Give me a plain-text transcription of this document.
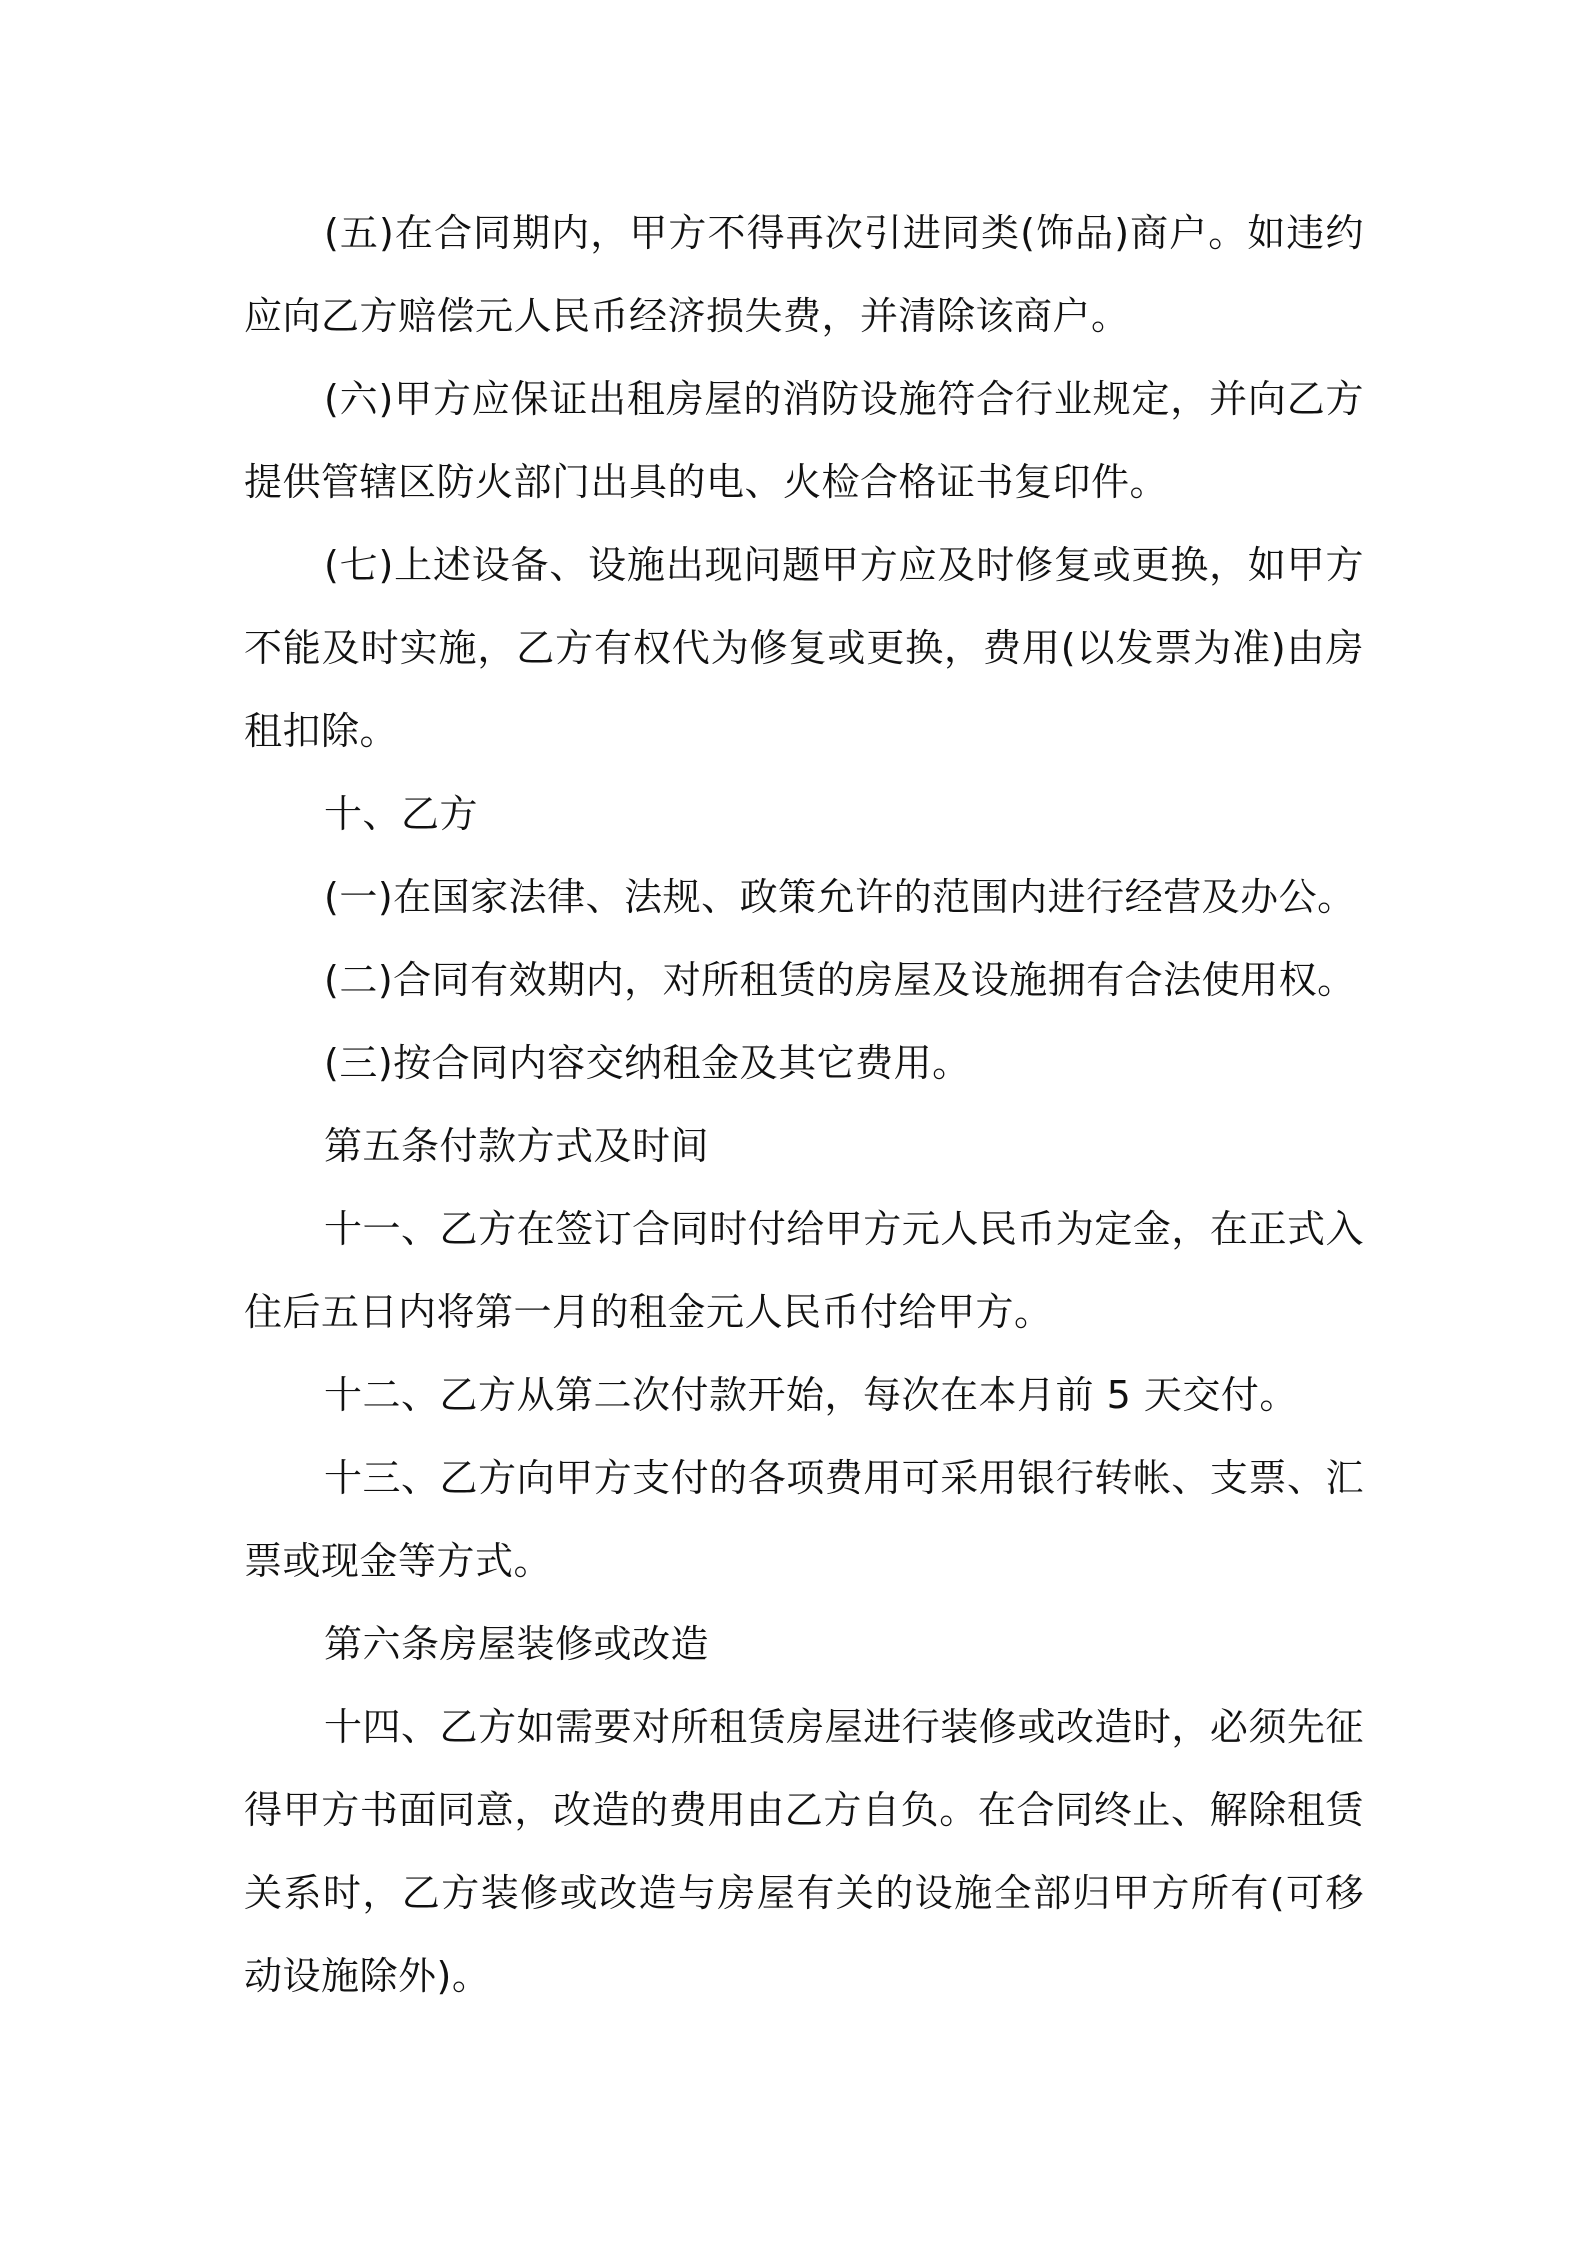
(五)在合同期内，甲方不得再次引进同类(饰品)商户。如违约应向乙方赔偿元人民币经济损失费，并清除该商户。

(六)甲方应保证出租房屋的消防设施符合行业规定，并向乙方提供管辖区防火部门出具的电、火检合格证书复印件。

(七)上述设备、设施出现问题甲方应及时修复或更换，如甲方不能及时实施，乙方有权代为修复或更换，费用(以发票为准)由房租扣除。

十、乙方

(一)在国家法律、法规、政策允许的范围内进行经营及办公。

(二)合同有效期内，对所租赁的房屋及设施拥有合法使用权。

(三)按合同内容交纳租金及其它费用。

第五条付款方式及时间

十一、乙方在签订合同时付给甲方元人民币为定金，在正式入住后五日内将第一月的租金元人民币付给甲方。

十二、乙方从第二次付款开始，每次在本月前 5 天交付。

十三、乙方向甲方支付的各项费用可采用银行转帐、支票、汇票或现金等方式。

第六条房屋装修或改造

十四、乙方如需要对所租赁房屋进行装修或改造时，必须先征得甲方书面同意，改造的费用由乙方自负。在合同终止、解除租赁关系时，乙方装修或改造与房屋有关的设施全部归甲方所有(可移动设施除外)。
